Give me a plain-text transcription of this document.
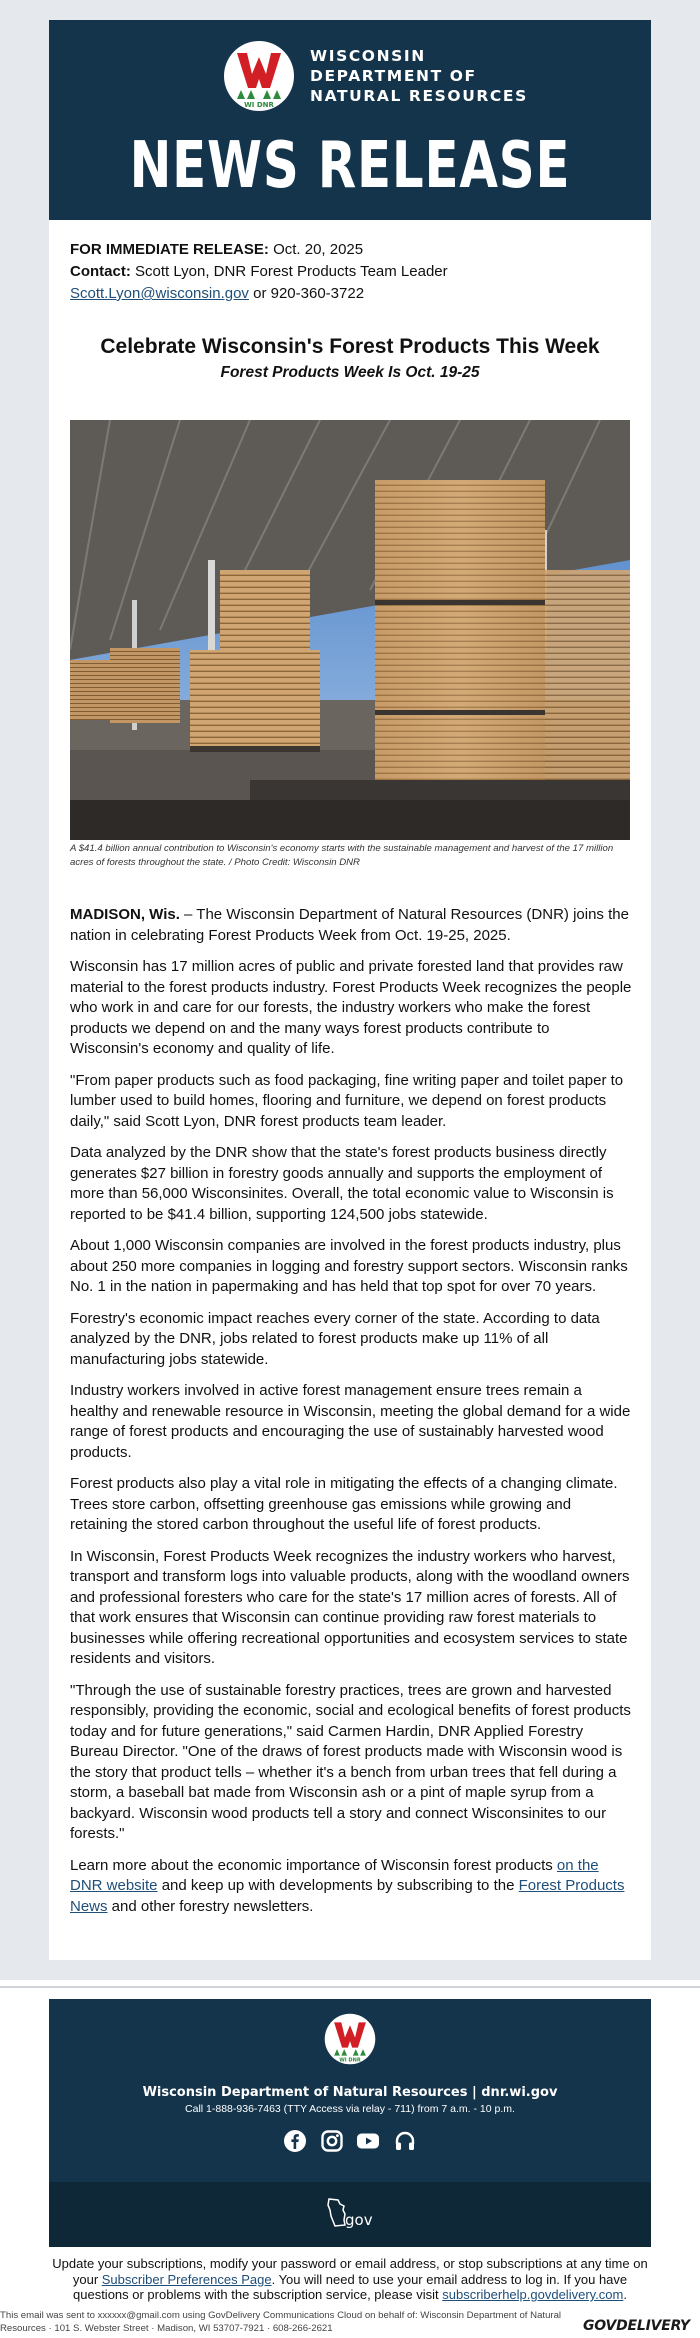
WI DNR
WISCONSIN
DEPARTMENT OF
NATURAL RESOURCES
NEWS RELEASE
FOR IMMEDIATE RELEASE: Oct. 20, 2025
Contact: Scott Lyon, DNR Forest Products Team Leader
Scott.Lyon@wisconsin.gov or 920-360-3722
Celebrate Wisconsin's Forest Products This Week
Forest Products Week Is Oct. 19-25
A $41.4 billion annual contribution to Wisconsin's economy starts with the sustainable management and harvest of the 17 million acres of forests throughout the state. / Photo Credit: Wisconsin DNR

MADISON, Wis. – The Wisconsin Department of Natural Resources (DNR) joins the nation in celebrating Forest Products Week from Oct. 19-25, 2025.

Wisconsin has 17 million acres of public and private forested land that provides raw material to the forest products industry. Forest Products Week recognizes the people who work in and care for our forests, the industry workers who make the forest products we depend on and the many ways forest products contribute to Wisconsin's economy and quality of life.

"From paper products such as food packaging, fine writing paper and toilet paper to lumber used to build homes, flooring and furniture, we depend on forest products daily," said Scott Lyon, DNR forest products team leader.

Data analyzed by the DNR show that the state's forest products business directly generates $27 billion in forestry goods annually and supports the employment of more than 56,000 Wisconsinites. Overall, the total economic value to Wisconsin is reported to be $41.4 billion, supporting 124,500 jobs statewide.

About 1,000 Wisconsin companies are involved in the forest products industry, plus about 250 more companies in logging and forestry support sectors. Wisconsin ranks No. 1 in the nation in papermaking and has held that top spot for over 70 years.

Forestry's economic impact reaches every corner of the state. According to data analyzed by the DNR, jobs related to forest products make up 11% of all manufacturing jobs statewide.

Industry workers involved in active forest management ensure trees remain a healthy and renewable resource in Wisconsin, meeting the global demand for a wide range of forest products and encouraging the use of sustainably harvested wood products.

Forest products also play a vital role in mitigating the effects of a changing climate. Trees store carbon, offsetting greenhouse gas emissions while growing and retaining the stored carbon throughout the useful life of forest products.

In Wisconsin, Forest Products Week recognizes the industry workers who harvest, transport and transform logs into valuable products, along with the woodland owners and professional foresters who care for the state's 17 million acres of forests. All of that work ensures that Wisconsin can continue providing raw forest materials to businesses while offering recreational opportunities and ecosystem services to state residents and visitors.

"Through the use of sustainable forestry practices, trees are grown and harvested responsibly, providing the economic, social and ecological benefits of forest products today and for future generations," said Carmen Hardin, DNR Applied Forestry Bureau Director. "One of the draws of forest products made with Wisconsin wood is the story that product tells – whether it's a bench from urban trees that fell during a storm, a baseball bat made from Wisconsin ash or a pint of maple syrup from a backyard. Wisconsin wood products tell a story and connect Wisconsinites to our forests."

Learn more about the economic importance of Wisconsin forest products on the DNR website and keep up with developments by subscribing to the Forest Products News and other forestry newsletters.

WI DNR
Wisconsin Department of Natural Resources | dnr.wi.gov
Call 1-888-936-7463 (TTY Access via relay - 711) from 7 a.m. - 10 p.m.

gov
Update your subscriptions, modify your password or email address, or stop subscriptions at any time on your Subscriber Preferences Page. You will need to use your email address to log in. If you have questions or problems with the subscription service, please visit subscriberhelp.govdelivery.com.
This email was sent to xxxxxx@gmail.com using GovDelivery Communications Cloud on behalf of: Wisconsin Department of Natural Resources · 101 S. Webster Street · Madison, WI 53707-7921 · 608-266-2621	GOVDELIVERY
